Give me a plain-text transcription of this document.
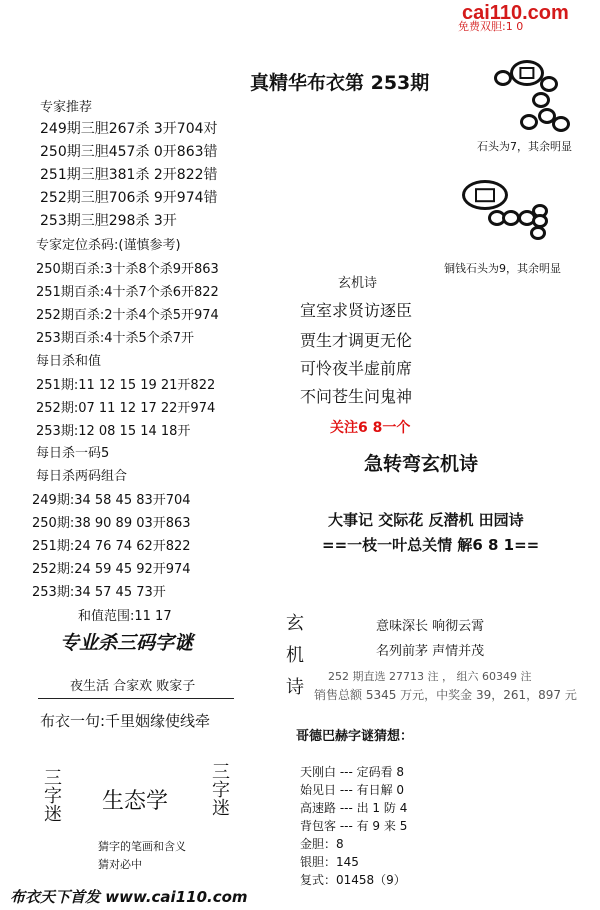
cai110.com
免费双胆:1 0
真精华布衣第 253期
专家推荐
249期三胆267杀 3开704对
250期三胆457杀 0开863错
251期三胆381杀 2开822错
252期三胆706杀 9开974错
253期三胆298杀 3开
专家定位杀码:(谨慎参考)
250期百杀:3十杀8个杀9开863
251期百杀:4十杀7个杀6开822
252期百杀:2十杀4个杀5开974
253期百杀:4十杀5个杀7开
每日杀和值
251期:11 12 15 19 21开822
252期:07 11 12 17 22开974
253期:12 08 15 14 18开
每日杀一码5
每日杀两码组合
249期:34 58 45 83开704
250期:38 90 89 03开863
251期:24 76 74 62开822
252期:24 59 45 92开974
253期:34 57 45 73开
和值范围:11 17
专业杀三码字谜
夜生活 合家欢 败家子
布衣一句:千里姻缘使线牵
三
字
迷
生态学
三
字
迷
猜字的笔画和含义
猜对必中
布衣天下首发 www.cai110.com
石头为7，其余明显
铜钱石头为9，其余明显
玄机诗
宣室求贤访逐臣
贾生才调更无伦
可怜夜半虚前席
不问苍生问鬼神
关注6 8一个
急转弯玄机诗
大事记 交际花 反潜机 田园诗
==一枝一叶总关情 解6 8 1==
玄
机
诗
意味深长 响彻云霄
名列前茅 声情并茂
252 期直选 27713 注 ， 组六 60349 注
销售总额 5345 万元，中奖金 39，261，897 元
哥德巴赫字谜猜想：
天刚白 --- 定码看 8
始见日 --- 有日解 0
高速路 --- 出 1 防 4
背包客 --- 有 9 来 5
金胆：8
银胆：145
复式：01458（9）
